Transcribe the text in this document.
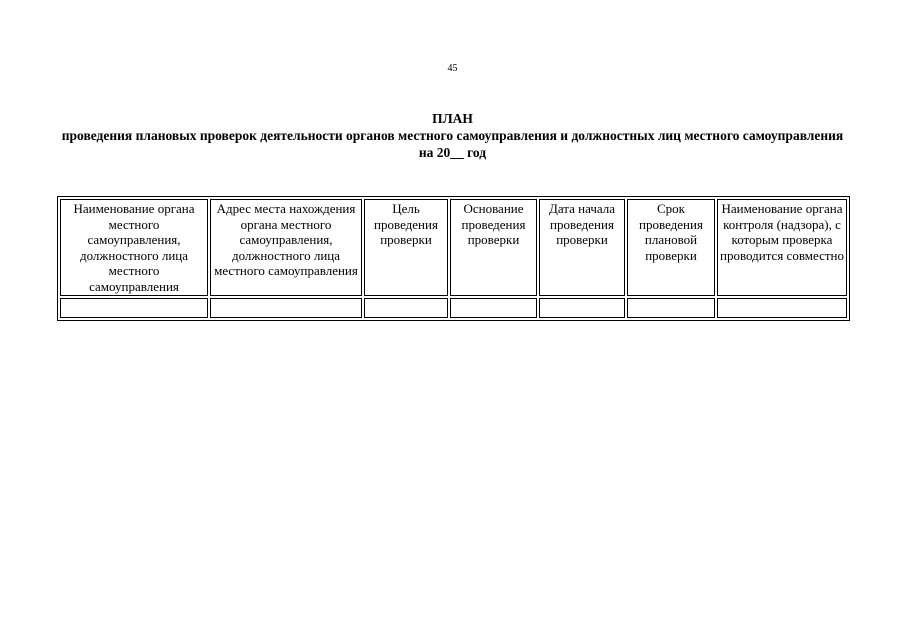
45
ПЛАН
проведения плановых проверок деятельности органов местного самоуправления и должностных лиц местного самоуправления
на 20__ год
Наименование органа местного самоуправления, должностного лица местного самоуправления	Адрес места нахождения органа местного самоуправления, должностного лица местного самоуправления	Цель проведения проверки	Основание проведения проверки	Дата начала проведения проверки	Срок проведения плановой проверки	Наименование органа контроля (надзора), с которым проверка проводится совместно
